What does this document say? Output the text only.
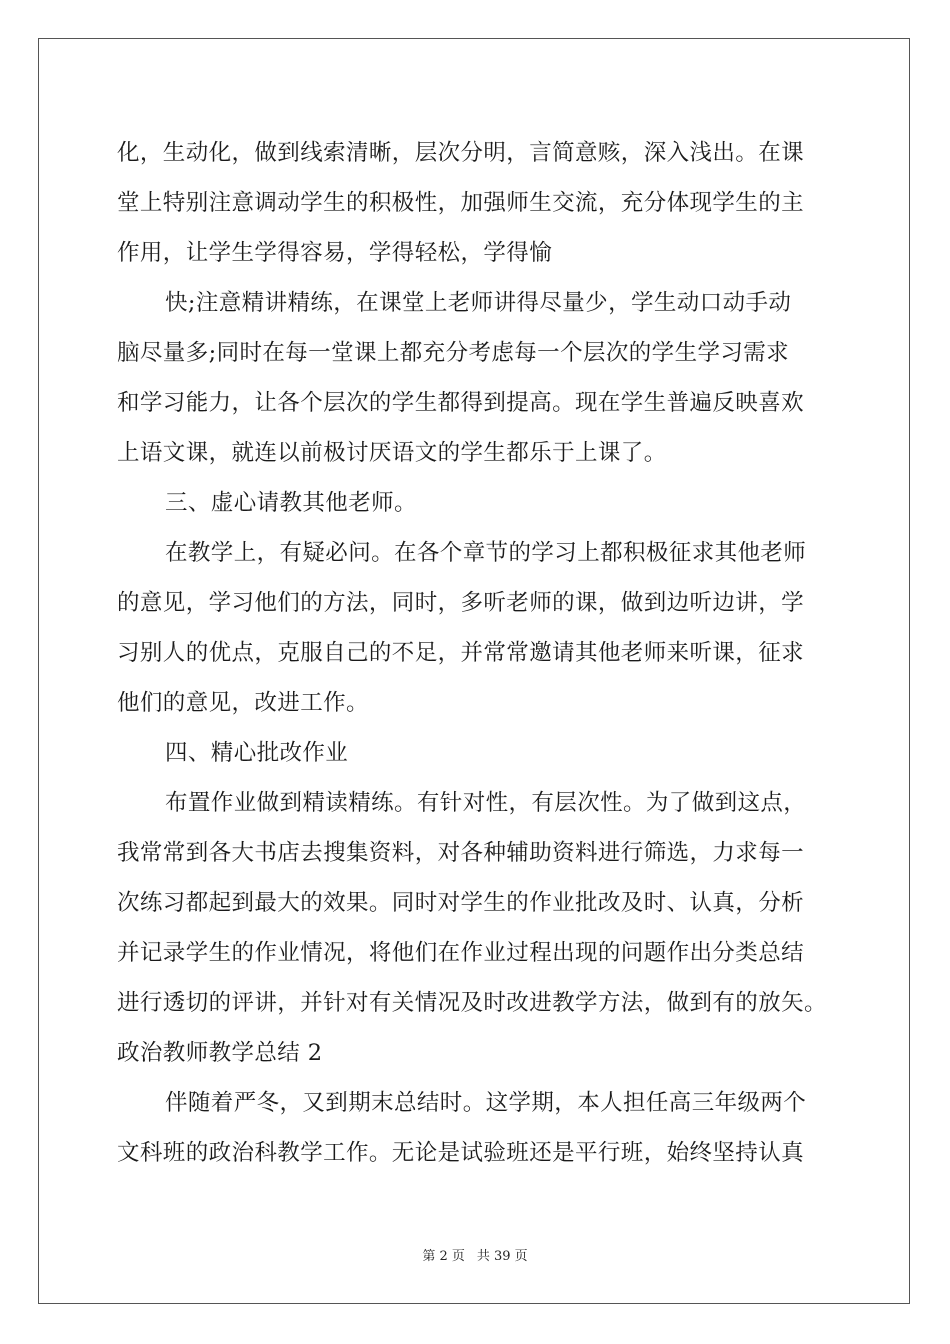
化，生动化，做到线索清晰，层次分明，言简意赅，深入浅出。在课
堂上特别注意调动学生的积极性，加强师生交流，充分体现学生的主
作用，让学生学得容易，学得轻松，学得愉
快;注意精讲精练，在课堂上老师讲得尽量少，学生动口动手动
脑尽量多;同时在每一堂课上都充分考虑每一个层次的学生学习需求
和学习能力，让各个层次的学生都得到提高。现在学生普遍反映喜欢
上语文课，就连以前极讨厌语文的学生都乐于上课了。
三、虚心请教其他老师。
在教学上，有疑必问。在各个章节的学习上都积极征求其他老师
的意见，学习他们的方法，同时，多听老师的课，做到边听边讲，学
习别人的优点，克服自己的不足，并常常邀请其他老师来听课，征求
他们的意见，改进工作。
四、精心批改作业
布置作业做到精读精练。有针对性，有层次性。为了做到这点，
我常常到各大书店去搜集资料，对各种辅助资料进行筛选，力求每一
次练习都起到最大的效果。同时对学生的作业批改及时、认真，分析
并记录学生的作业情况，将他们在作业过程出现的问题作出分类总结
进行透切的评讲，并针对有关情况及时改进教学方法，做到有的放矢。
政治教师教学总结 2
伴随着严冬，又到期末总结时。这学期，本人担任高三年级两个
文科班的政治科教学工作。无论是试验班还是平行班，始终坚持认真
第 2 页 共 39 页
